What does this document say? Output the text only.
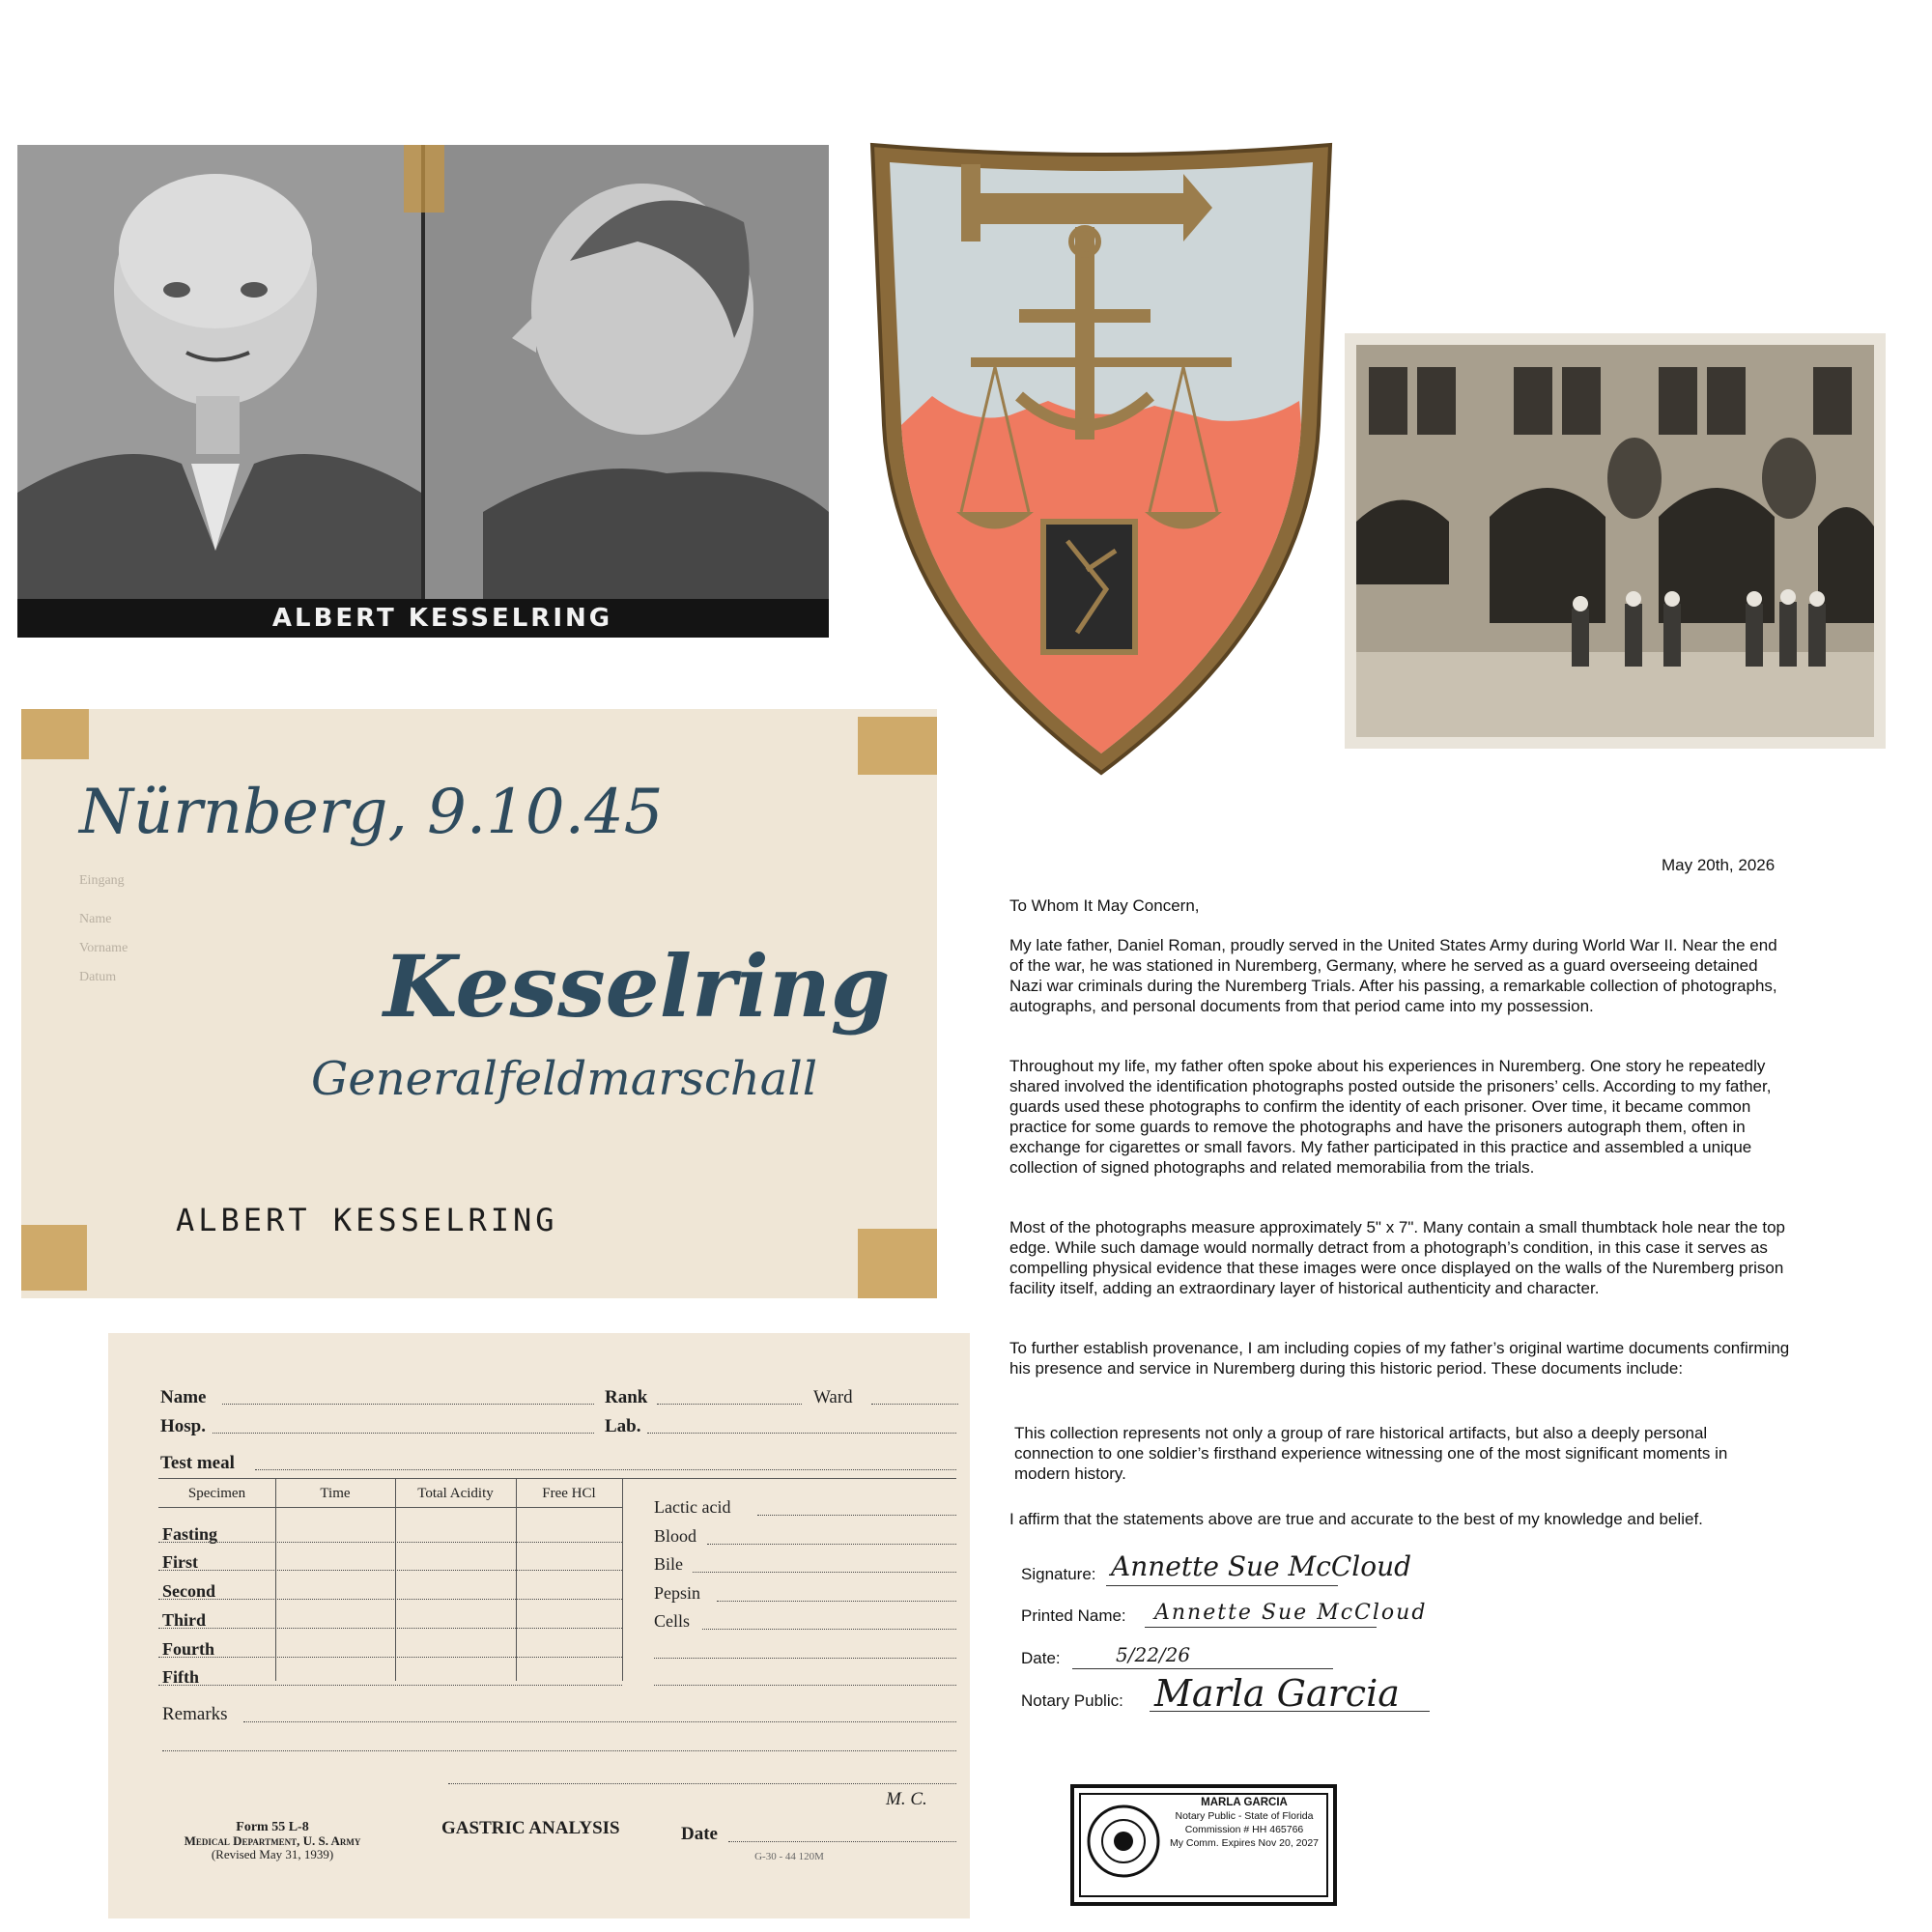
ALBERT KESSELRING
Eingang
Name
Vorname
Datum
Nürnberg, 9.10.45
Kesselring
Generalfeldmarschall
ALBERT KESSELRING
Name	Rank	Ward
Hosp.	Lab.
Test meal
Specimen	Time	Total Acidity	Free HCl
Fasting
First
Second
Third
Fourth
Fifth
Lactic acid
Blood
Bile
Pepsin
Cells
Remarks
M. C.
Form 55 L-8
Medical Department, U. S. Army
(Revised May 31, 1939)
GASTRIC ANALYSIS	Date
G-30 - 44 120M

May 20th, 2026

To Whom It May Concern,

My late father, Daniel Roman, proudly served in the United States Army during World War II. Near the end of the war, he was stationed in Nuremberg, Germany, where he served as a guard overseeing detained Nazi war criminals during the Nuremberg Trials. After his passing, a remarkable collection of photographs, autographs, and personal documents from that period came into my possession.

Throughout my life, my father often spoke about his experiences in Nuremberg. One story he repeatedly shared involved the identification photographs posted outside the prisoners’ cells. According to my father, guards used these photographs to confirm the identity of each prisoner. Over time, it became common practice for some guards to remove the photographs and have the prisoners autograph them, often in exchange for cigarettes or small favors. My father participated in this practice and assembled a unique collection of signed photographs and related memorabilia from the trials.

Most of the photographs measure approximately 5" x 7". Many contain a small thumbtack hole near the top edge. While such damage would normally detract from a photograph’s condition, in this case it serves as compelling physical evidence that these images were once displayed on the walls of the Nuremberg prison facility itself, adding an extraordinary layer of historical authenticity and character.

To further establish provenance, I am including copies of my father’s original wartime documents confirming his presence and service in Nuremberg during this historic period. These documents include:

This collection represents not only a group of rare historical artifacts, but also a deeply personal connection to one soldier’s firsthand experience witnessing one of the most significant moments in modern history.

I affirm that the statements above are true and accurate to the best of my knowledge and belief.

Signature: Annette Sue McCloud
Printed Name: Annette Sue McCloud
Date:	5/22/26
Notary Public: Marla Garcia
MARLA GARCIA
Notary Public - State of Florida
Commission # HH 465766
My Comm. Expires Nov 20, 2027
